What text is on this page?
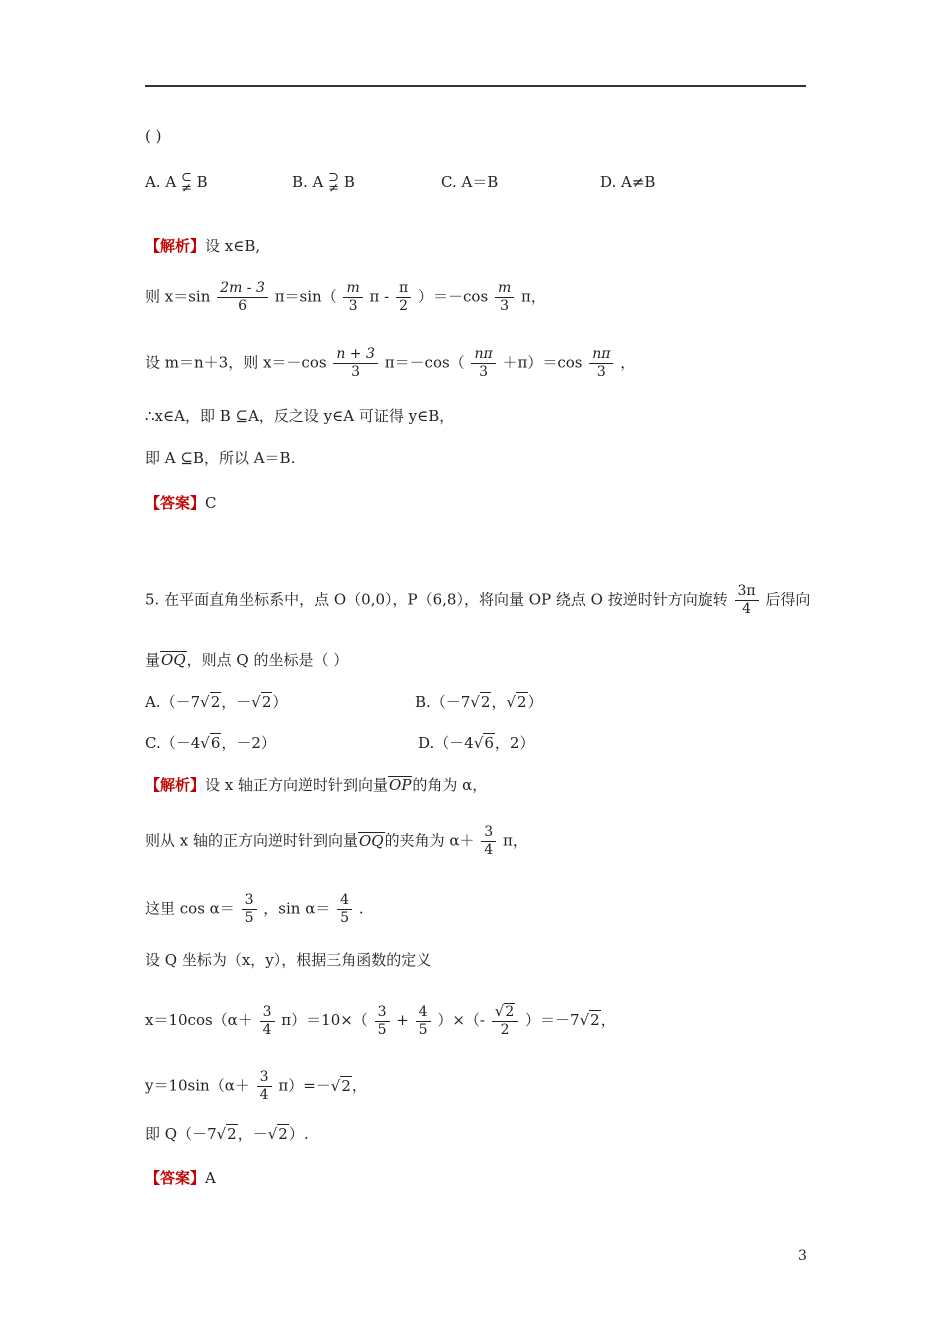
( )
A. A ⊂
≠ B	B. A ⊃
≠ B	C. A＝B	D. A≠B
【解析】设 x∈B,
则 $x=\sin \frac{2m - 3}{6} \pi=\sin( \frac{m}{3}$ $\pi - \frac{\pi}{2} )=-\cos \frac{m}{3}$ π，
设 m＝n＋3，则 $x=-\cos \frac{n + 3}{3} \pi=-\cos( \frac{n\pi}{3} +\pi)=\cos \frac{n\pi}{3}$ ，
∴x∈A，即 B ⊆A，反之设 y∈A 可证得 y∈B，
即 A ⊆B，所以 A＝B.
【答案】C
5. 在平面直角坐标系中，点 O（0,0），P（6,8），将向量 OP 绕点 O 按逆时针方向旋转 $\frac{3\pi}{4}$ 后得向
量OQ，则点 Q 的坐标是（ ）
A.（－7√2，－√2）	B.（－7√2，√2）
C.（－4√6，－2）	D.（－4√6，2）
【解析】设 x 轴正方向逆时针到向量OP的角为 α，
则从 x 轴的正方向逆时针到向量OQ的夹角为 $\alpha+ \frac{3}{4}$ π，
这里 $\cos \alpha= \frac{3}{5}$ ，$\sin \alpha= \frac{4}{5}$ .
设 Q 坐标为（x，y），根据三角函数的定义
$x=10\cos(\alpha+ \frac{3}{4} \pi)=10\times( \frac{3}{5} + \frac{4}{5}$ ）×（- $\frac{√2}{2} )=-7√2$，
$y=10\sin(\alpha+ \frac{3}{4} \pi)=-√2$，
即 Q（－7√2，－√2）.
【答案】A
3
